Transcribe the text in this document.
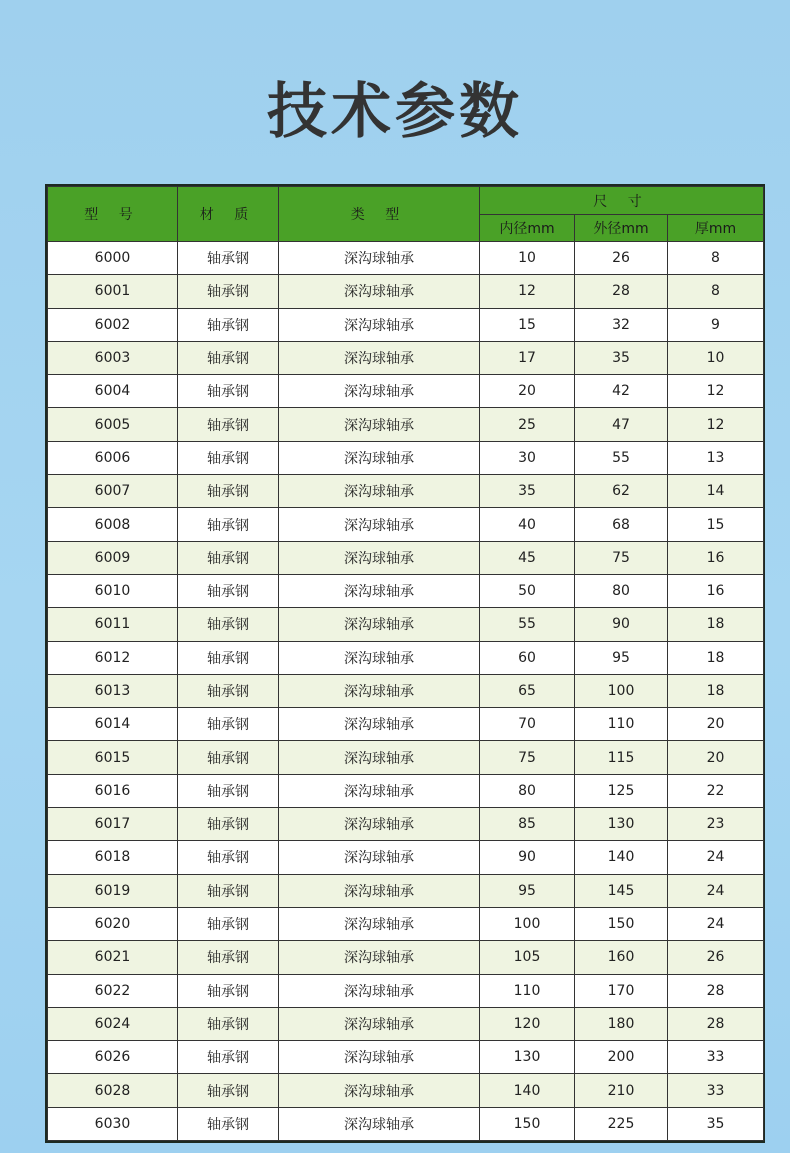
技术参数
型 号	材 质	类 型	尺 寸		
			内径mm	外径mm	厚mm
6000	轴承钢	深沟球轴承	10	26	8
6001	轴承钢	深沟球轴承	12	28	8
6002	轴承钢	深沟球轴承	15	32	9
6003	轴承钢	深沟球轴承	17	35	10
6004	轴承钢	深沟球轴承	20	42	12
6005	轴承钢	深沟球轴承	25	47	12
6006	轴承钢	深沟球轴承	30	55	13
6007	轴承钢	深沟球轴承	35	62	14
6008	轴承钢	深沟球轴承	40	68	15
6009	轴承钢	深沟球轴承	45	75	16
6010	轴承钢	深沟球轴承	50	80	16
6011	轴承钢	深沟球轴承	55	90	18
6012	轴承钢	深沟球轴承	60	95	18
6013	轴承钢	深沟球轴承	65	100	18
6014	轴承钢	深沟球轴承	70	110	20
6015	轴承钢	深沟球轴承	75	115	20
6016	轴承钢	深沟球轴承	80	125	22
6017	轴承钢	深沟球轴承	85	130	23
6018	轴承钢	深沟球轴承	90	140	24
6019	轴承钢	深沟球轴承	95	145	24
6020	轴承钢	深沟球轴承	100	150	24
6021	轴承钢	深沟球轴承	105	160	26
6022	轴承钢	深沟球轴承	110	170	28
6024	轴承钢	深沟球轴承	120	180	28
6026	轴承钢	深沟球轴承	130	200	33
6028	轴承钢	深沟球轴承	140	210	33
6030	轴承钢	深沟球轴承	150	225	35
